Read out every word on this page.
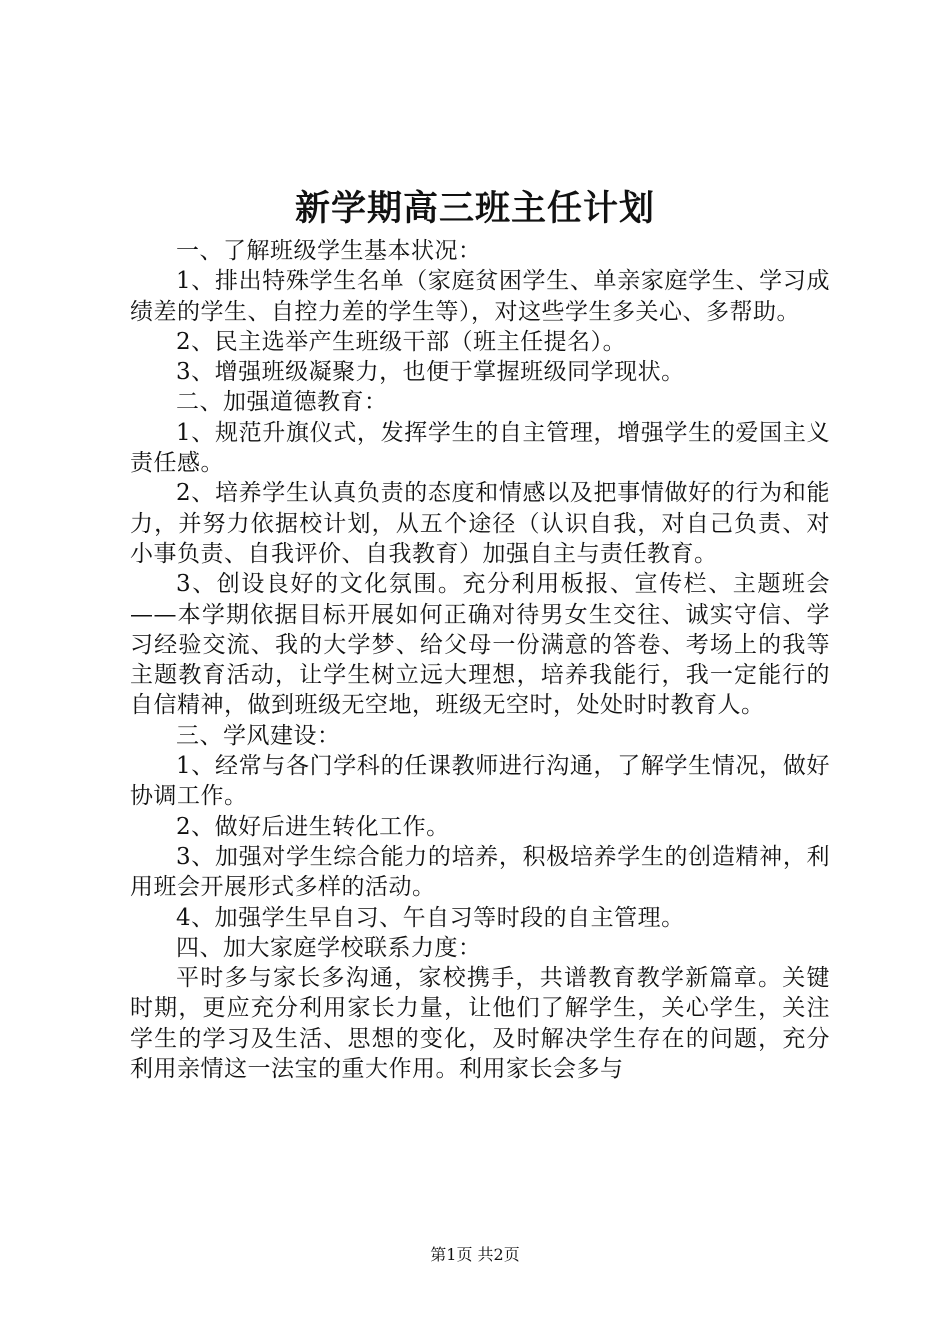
新学期高三班主任计划

一、了解班级学生基本状况：

1、排出特殊学生名单（家庭贫困学生、单亲家庭学生、学习成绩差的学生、自控力差的学生等），对这些学生多关心、多帮助。

2、民主选举产生班级干部（班主任提名）。

3、增强班级凝聚力，也便于掌握班级同学现状。

二、加强道德教育：

1、规范升旗仪式，发挥学生的自主管理，增强学生的爱国主义责任感。

2、培养学生认真负责的态度和情感以及把事情做好的行为和能力，并努力依据校计划，从五个途径（认识自我，对自己负责、对小事负责、自我评价、自我教育）加强自主与责任教育。

3、创设良好的文化氛围。充分利用板报、宣传栏、主题班会——本学期依据目标开展如何正确对待男女生交往、诚实守信、学习经验交流、我的大学梦、给父母一份满意的答卷、考场上的我等主题教育活动，让学生树立远大理想，培养我能行，我一定能行的自信精神，做到班级无空地，班级无空时，处处时时教育人。

三、学风建设：

1、经常与各门学科的任课教师进行沟通，了解学生情况，做好协调工作。

2、做好后进生转化工作。

3、加强对学生综合能力的培养，积极培养学生的创造精神，利用班会开展形式多样的活动。

4、加强学生早自习、午自习等时段的自主管理。

四、加大家庭学校联系力度：

平时多与家长多沟通，家校携手，共谱教育教学新篇章。关键时期，更应充分利用家长力量，让他们了解学生，关心学生，关注学生的学习及生活、思想的变化，及时解决学生存在的问题，充分利用亲情这一法宝的重大作用。利用家长会多与

第1页 共2页
